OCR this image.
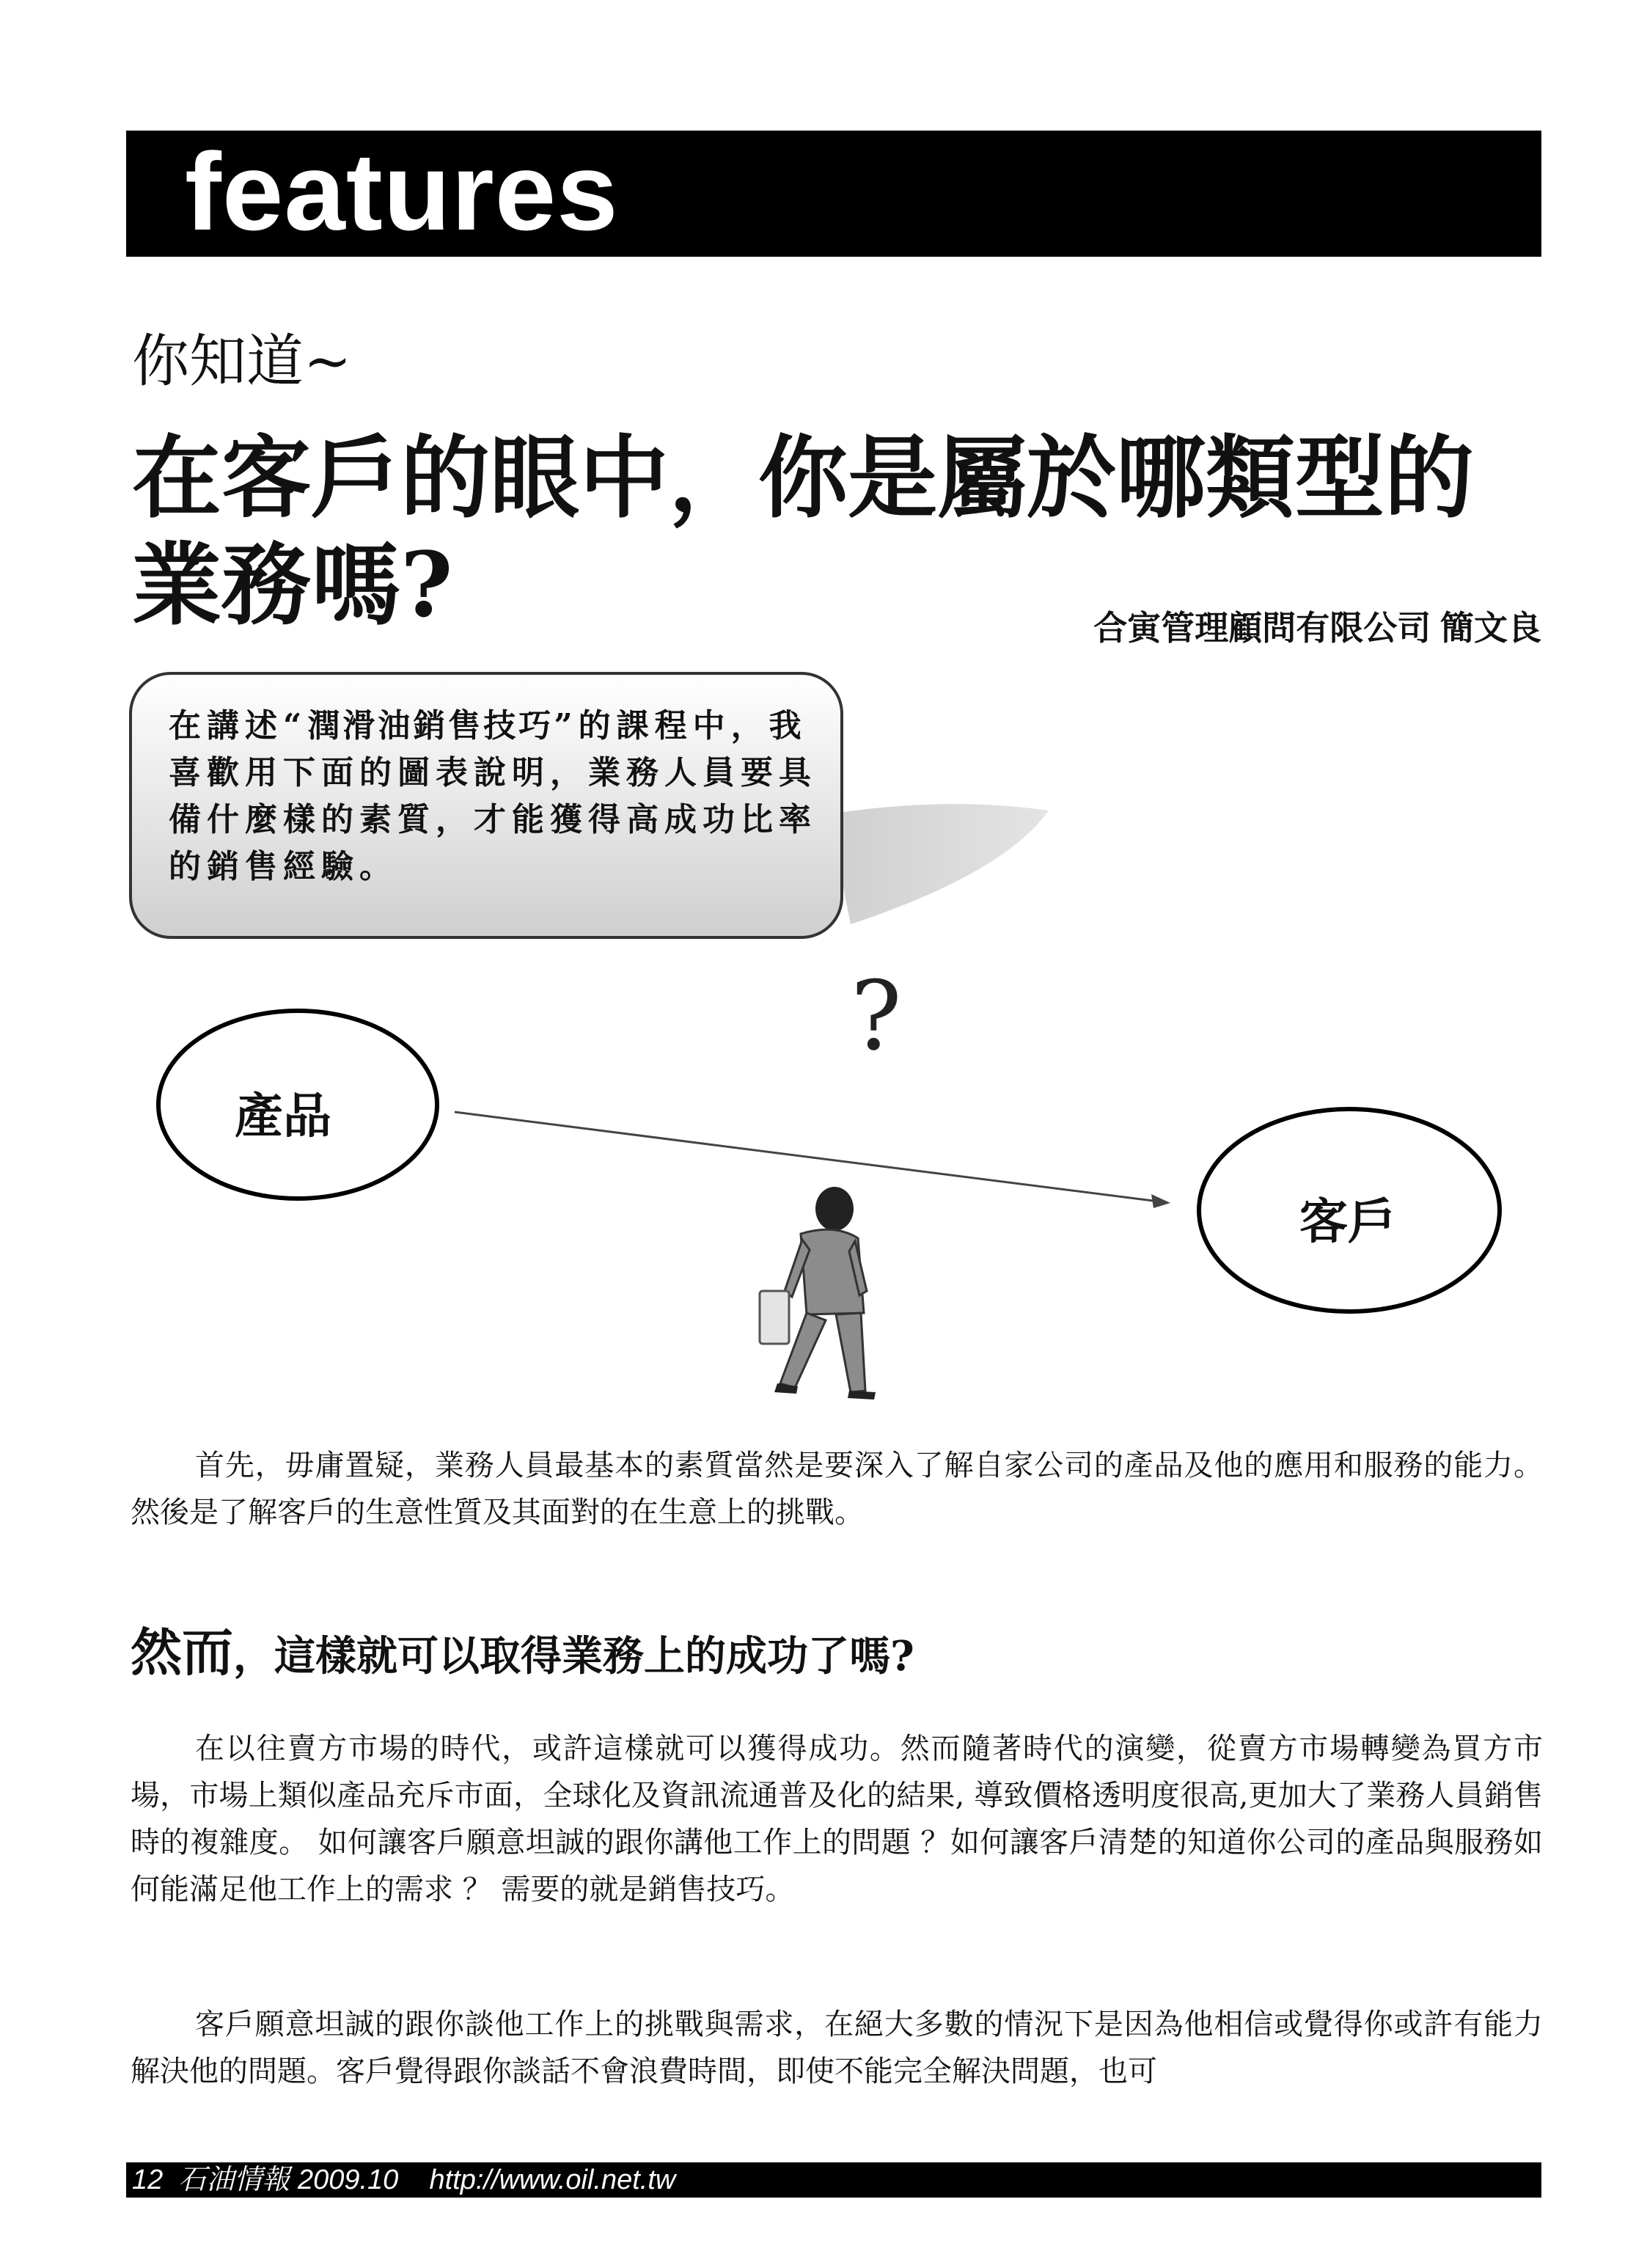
features
你知道~
在客戶的眼中，你是屬於哪類型的
業務嗎?	合寅管理顧問有限公司 簡文良
在講述“潤滑油銷售技巧”的課程中，我喜歡用下面的圖表說明，業務人員要具備什麼樣的素質，才能獲得高成功比率的銷售經驗。
?
產品
客戶
首先，毋庸置疑，業務人員最基本的素質當然是要深入了解自家公司的產品及他的應用和服務的能力。然後是了解客戶的生意性質及其面對的在生意上的挑戰。
然而，這樣就可以取得業務上的成功了嗎?
在以往賣方市場的時代，或許這樣就可以獲得成功。然而隨著時代的演變，從賣方市場轉變為買方市場，市場上類似產品充斥市面，全球化及資訊流通普及化的結果, 導致價格透明度很高,更加大了業務人員銷售時的複雜度。 如何讓客戶願意坦誠的跟你講他工作上的問題 ？如何讓客戶清楚的知道你公司的產品與服務如何能滿足他工作上的需求 ？ 需要的就是銷售技巧。
客戶願意坦誠的跟你談他工作上的挑戰與需求，在絕大多數的情況下是因為他相信或覺得你或許有能力解決他的問題。客戶覺得跟你談話不會浪費時間，即使不能完全解決問題，也可
12  石油情報 2009.10    http://www.oil.net.tw
